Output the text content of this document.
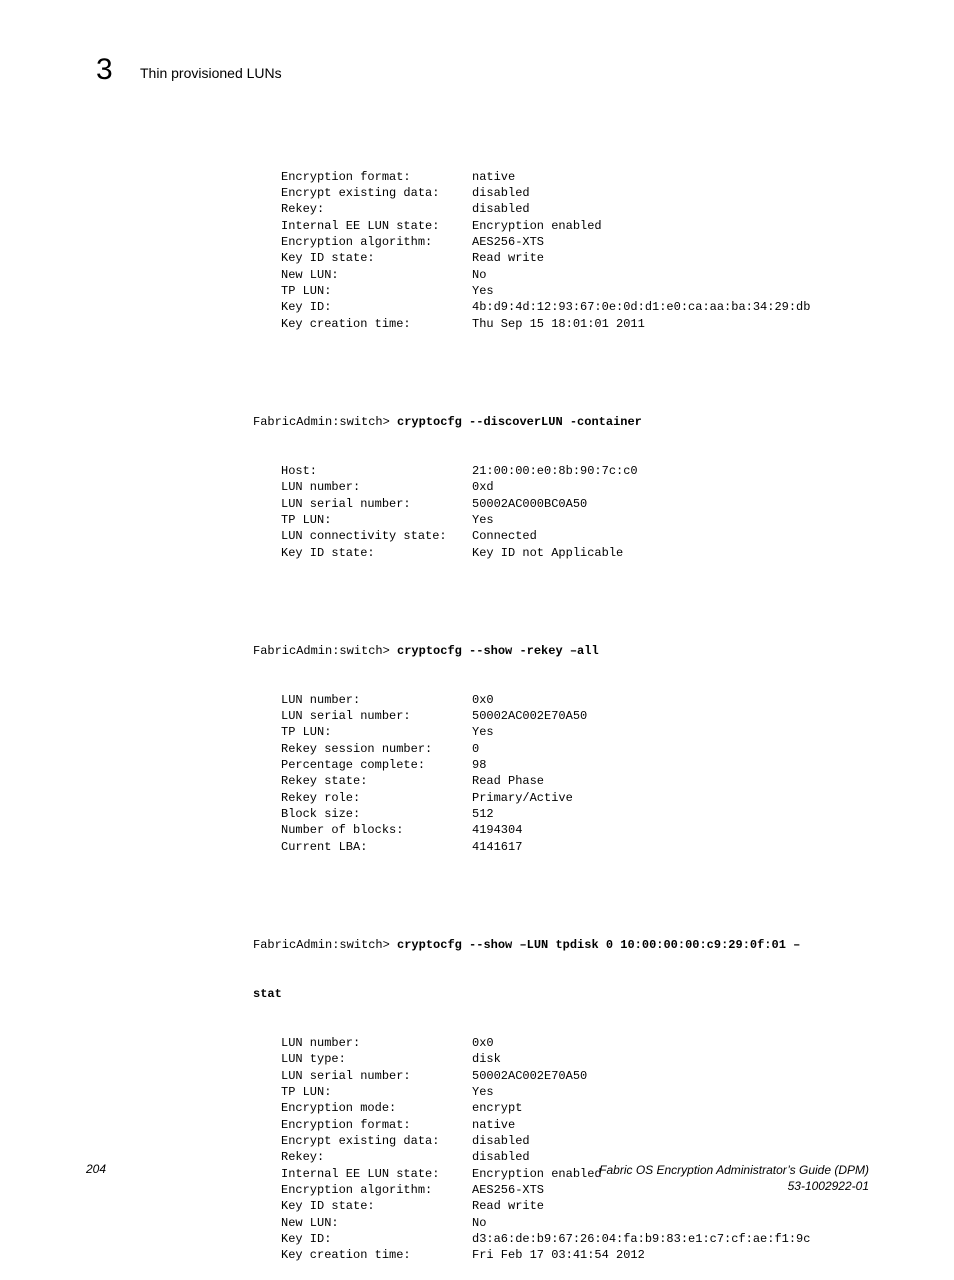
3 Thin provisioned LUNs

Encryption format:	native
Encrypt existing data:	disabled
Rekey:	disabled
Internal EE LUN state:	Encryption enabled
Encryption algorithm:	AES256-XTS
Key ID state:	Read write
New LUN:	No
TP LUN:	Yes
Key ID:	4b:d9:4d:12:93:67:0e:0d:d1:e0:ca:aa:ba:34:29:db
Key creation time:	Thu Sep 15 18:01:01 2011

FabricAdmin:switch> cryptocfg --discoverLUN -container

Host:	21:00:00:e0:8b:90:7c:c0
LUN number:	0xd
LUN serial number:	50002AC000BC0A50
TP LUN:	Yes
LUN connectivity state: Connected
Key ID state:	Key ID not Applicable

FabricAdmin:switch> cryptocfg --show -rekey –all

LUN number:	0x0
LUN serial number:	50002AC002E70A50
TP LUN:	Yes
Rekey session number:	0
Percentage complete:	98
Rekey state:	Read Phase
Rekey role:	Primary/Active
Block size:	512
Number of blocks:	4194304
Current LBA:	4141617

FabricAdmin:switch> cryptocfg --show –LUN tpdisk 0 10:00:00:00:c9:29:0f:01 –

stat

LUN number:	0x0
LUN type:	disk
LUN serial number:	50002AC002E70A50
TP LUN:	Yes
Encryption mode:	encrypt
Encryption format:	native
Encrypt existing data:	disabled
Rekey:	disabled
Internal EE LUN state:	Encryption enabled
Encryption algorithm:	AES256-XTS
Key ID state:	Read write
New LUN:	No
Key ID:	d3:a6:de:b9:67:26:04:fa:b9:83:e1:c7:cf:ae:f1:9c
Key creation time:	Fri Feb 17 03:41:54 2012

204	Fabric OS Encryption Administrator’s Guide (DPM)
53-1002922-01
